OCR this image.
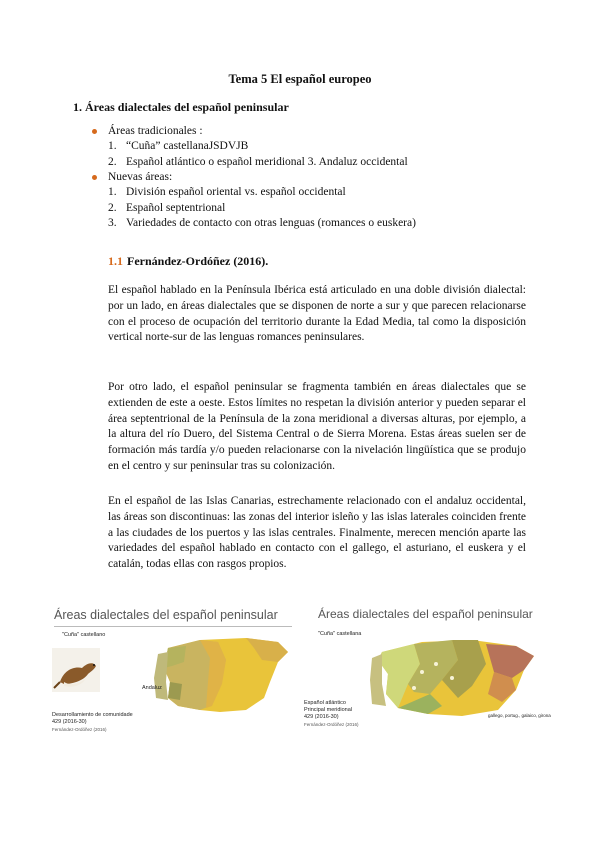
Tema 5 El español europeo
1. Áreas dialectales del español peninsular
Áreas tradicionales :
1. “Cuña” castellanaJSDVJB
2. Español atlántico o español meridional 3. Andaluz occidental
Nuevas áreas:
1. División español oriental vs. español occidental
2. Español septentrional
3. Variedades de contacto con otras lenguas (romances o euskera)
1.1 Fernández-Ordóñez (2016).

El español hablado en la Península Ibérica está articulado en una doble división dialectal: por un lado, en áreas dialectales que se disponen de norte a sur y que parecen relacionarse con el proceso de ocupación del territorio durante la Edad Media, tal como la disposición vertical norte-sur de las lenguas romances peninsulares.

Por otro lado, el español peninsular se fragmenta también en áreas dialectales que se extienden de este a oeste. Estos límites no respetan la división anterior y pueden separar el área septentrional de la Península de la zona meridional a diversas alturas, por ejemplo, a la altura del río Duero, del Sistema Central o de Sierra Morena. Estas áreas suelen ser de formación más tardía y/o pueden relacionarse con la nivelación lingüística que se produjo en el centro y sur peninsular tras su colonización.

En el español de las Islas Canarias, estrechamente relacionado con el andaluz occidental, las áreas son discontinuas: las zonas del interior isleño y las islas laterales coinciden frente a las ciudades de los puertos y las islas centrales. Finalmente, merecen mención aparte las variedades del español hablado en contacto con el gallego, el asturiano, el euskera y el catalán, todas ellas con rasgos propios.

Áreas dialectales del español peninsular
"Cuña" castellano
Andaluz
Desarrollamiento de comunidade
429 (2016-30)
Fernández-Ordóñez (2016)
Áreas dialectales del español peninsular
"Cuña" castellana
Español atlántico
Principal meridional
429 (2016-30)
Fernández-Ordóñez (2016)
gallego, portug., galaico, girona
